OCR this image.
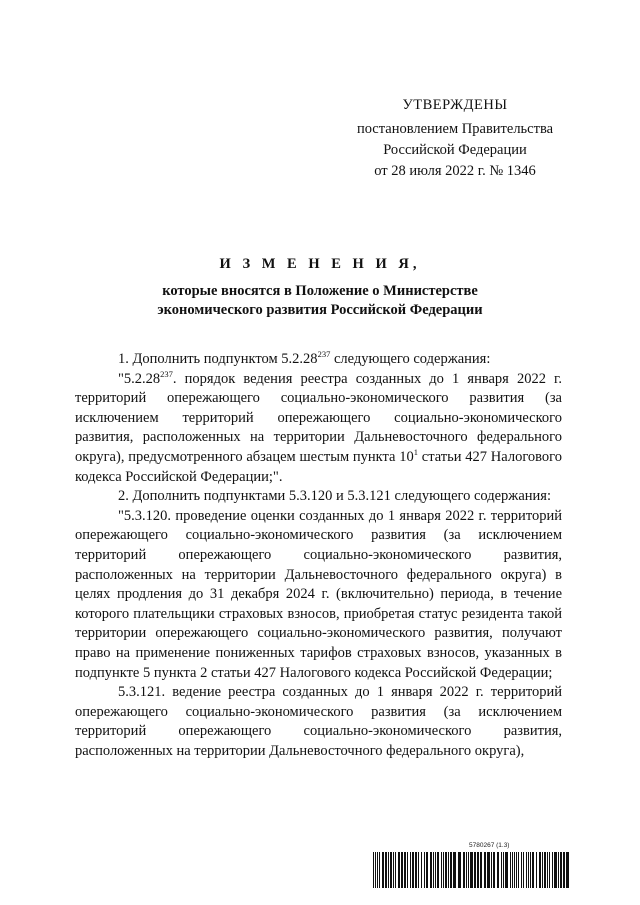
УТВЕРЖДЕНЫ
постановлением Правительства
Российской Федерации
от 28 июля 2022 г. № 1346
И З М Е Н Е Н И Я,
которые вносятся в Положение о Министерстве
экономического развития Российской Федерации

1. Дополнить подпунктом 5.2.28$^{237}$ следующего содержания:

"5.2.28$^{237}$. порядок ведения реестра созданных до 1 января 2022 г. территорий опережающего социально-экономического развития (за исключением территорий опережающего социально-экономического развития, расположенных на территории Дальневосточного федерального округа), предусмотренного абзацем шестым пункта $10^1$ статьи 427 Налогового кодекса Российской Федерации;".

2. Дополнить подпунктами 5.3.120 и 5.3.121 следующего содержания:

"5.3.120. проведение оценки созданных до 1 января 2022 г. территорий опережающего социально-экономического развития (за исключением территорий опережающего социально-экономического развития, расположенных на территории Дальневосточного федерального округа) в целях продления до 31 декабря 2024 г. (включительно) периода, в течение которого плательщики страховых взносов, приобретая статус резидента такой территории опережающего социально-экономического развития, получают право на применение пониженных тарифов страховых взносов, указанных в подпункте 5 пункта 2 статьи 427 Налогового кодекса Российской Федерации;

5.3.121. ведение реестра созданных до 1 января 2022 г. территорий опережающего социально-экономического развития (за исключением территорий опережающего социально-экономического развития, расположенных на территории Дальневосточного федерального округа),

5780267 (1.3)
